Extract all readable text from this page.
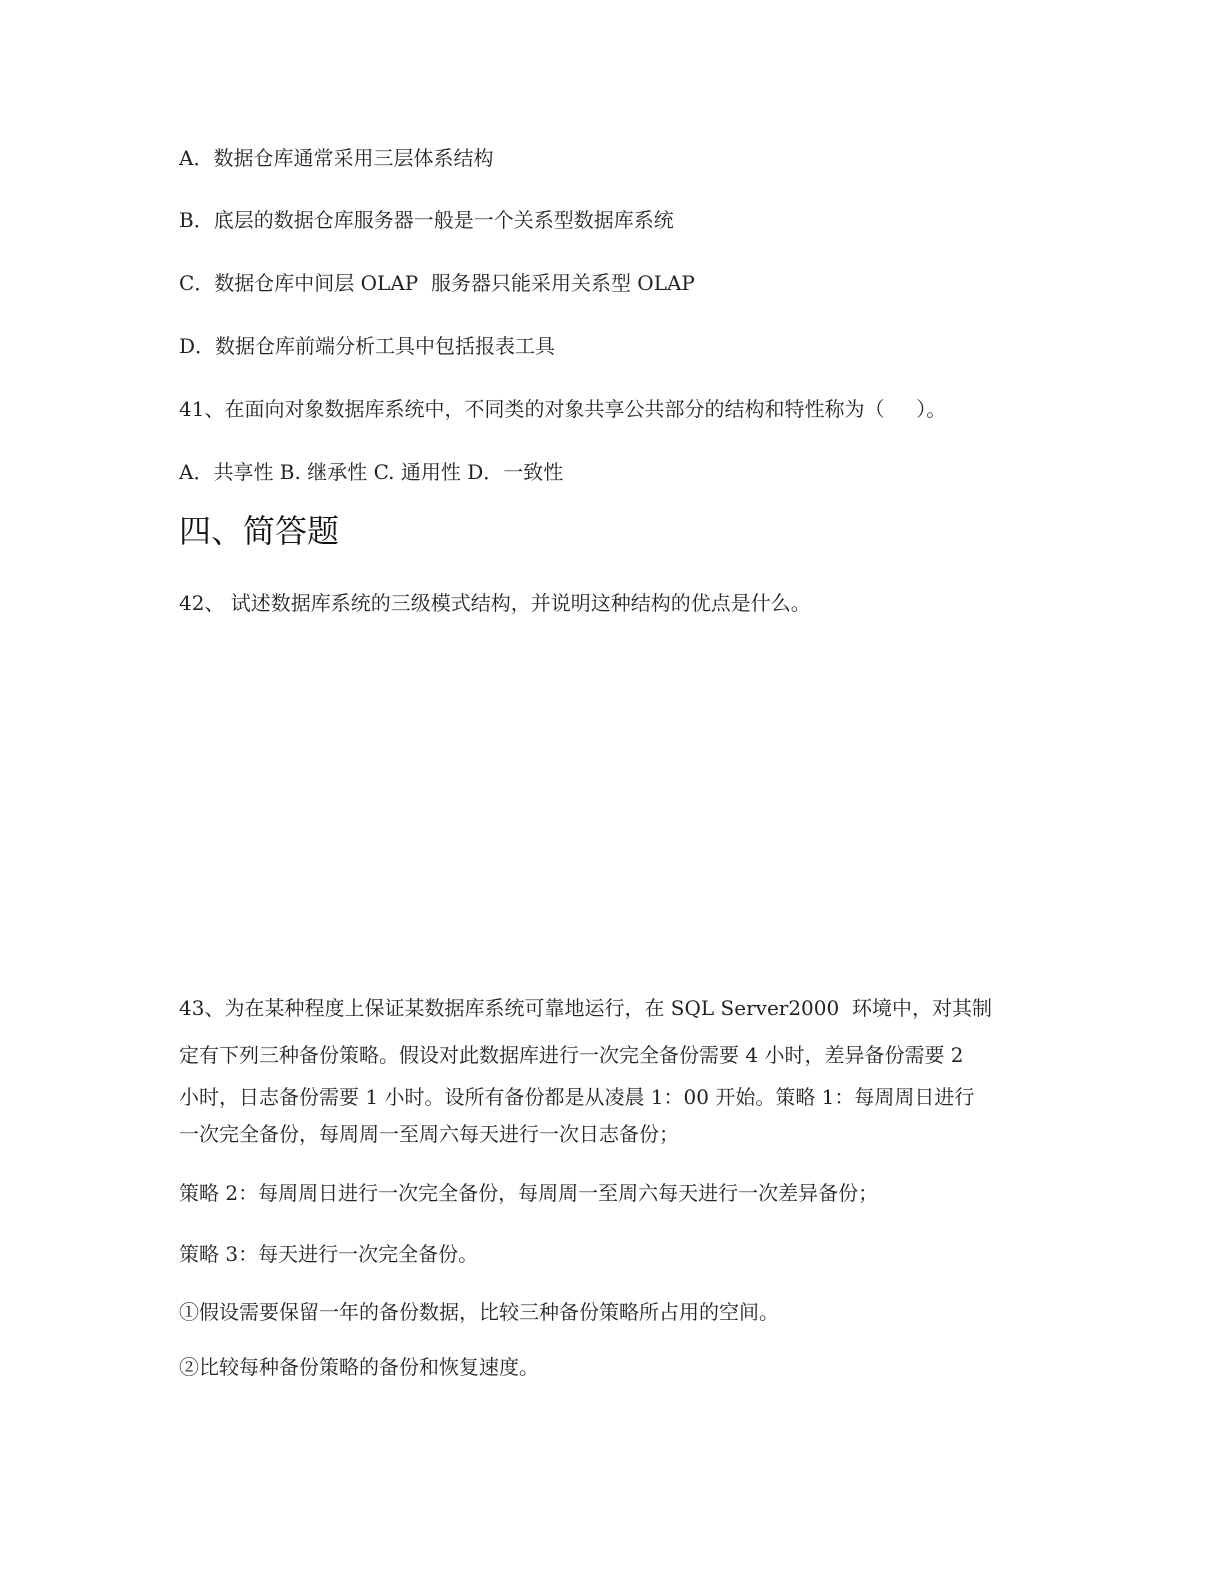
A．数据仓库通常采用三层体系结构

B．底层的数据仓库服务器一般是一个关系型数据库系统

C．数据仓库中间层 OLAP  服务器只能采用关系型 OLAP

D．数据仓库前端分析工具中包括报表工具

41、在面向对象数据库系统中，不同类的对象共享公共部分的结构和特性称为（     ）。

A．共享性 B. 继承性 C. 通用性 D．一致性

四、简答题

42、 试述数据库系统的三级模式结构，并说明这种结构的优点是什么。

43、为在某种程度上保证某数据库系统可靠地运行，在 SQL Server2000  环境中，对其制

定有下列三种备份策略。假设对此数据库进行一次完全备份需要 4 小时，差异备份需要 2

小时，日志备份需要 1 小时。设所有备份都是从凌晨 1：00 开始。策略 1：每周周日进行

一次完全备份，每周周一至周六每天进行一次日志备份；

策略 2：每周周日进行一次完全备份，每周周一至周六每天进行一次差异备份；

策略 3：每天进行一次完全备份。

①假设需要保留一年的备份数据，比较三种备份策略所占用的空间。

②比较每种备份策略的备份和恢复速度。
